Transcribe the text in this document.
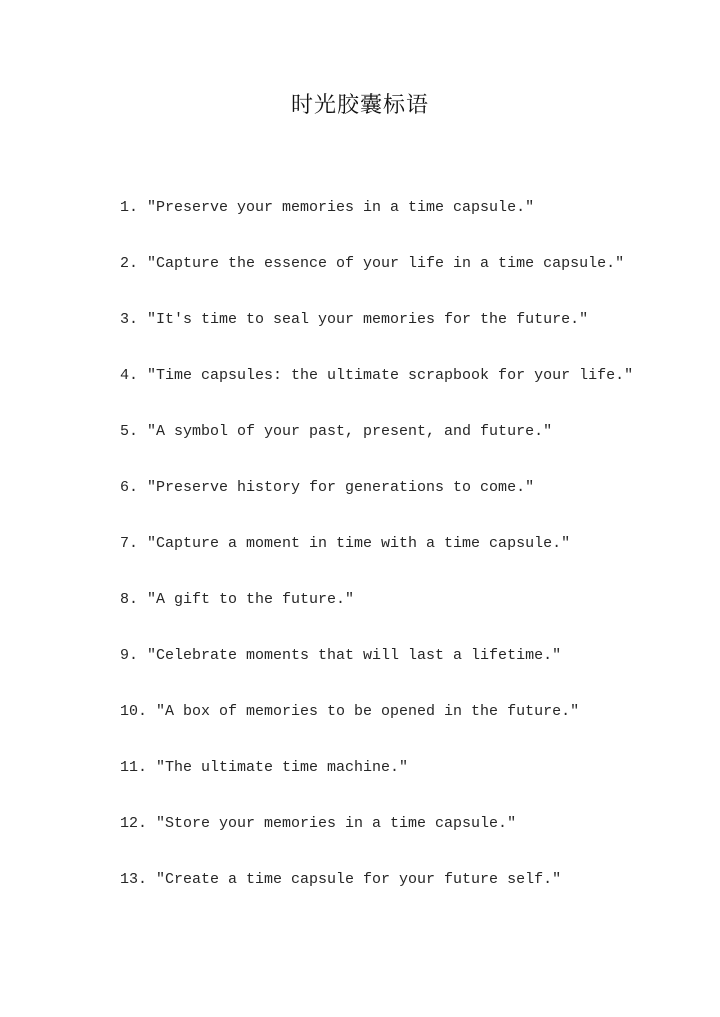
时光胶囊标语
1. "Preserve your memories in a time capsule."
2. "Capture the essence of your life in a time capsule."
3. "It's time to seal your memories for the future."
4. "Time capsules: the ultimate scrapbook for your life."
5. "A symbol of your past, present, and future."
6. "Preserve history for generations to come."
7. "Capture a moment in time with a time capsule."
8. "A gift to the future."
9. "Celebrate moments that will last a lifetime."
10. "A box of memories to be opened in the future."
11. "The ultimate time machine."
12. "Store your memories in a time capsule."
13. "Create a time capsule for your future self."
